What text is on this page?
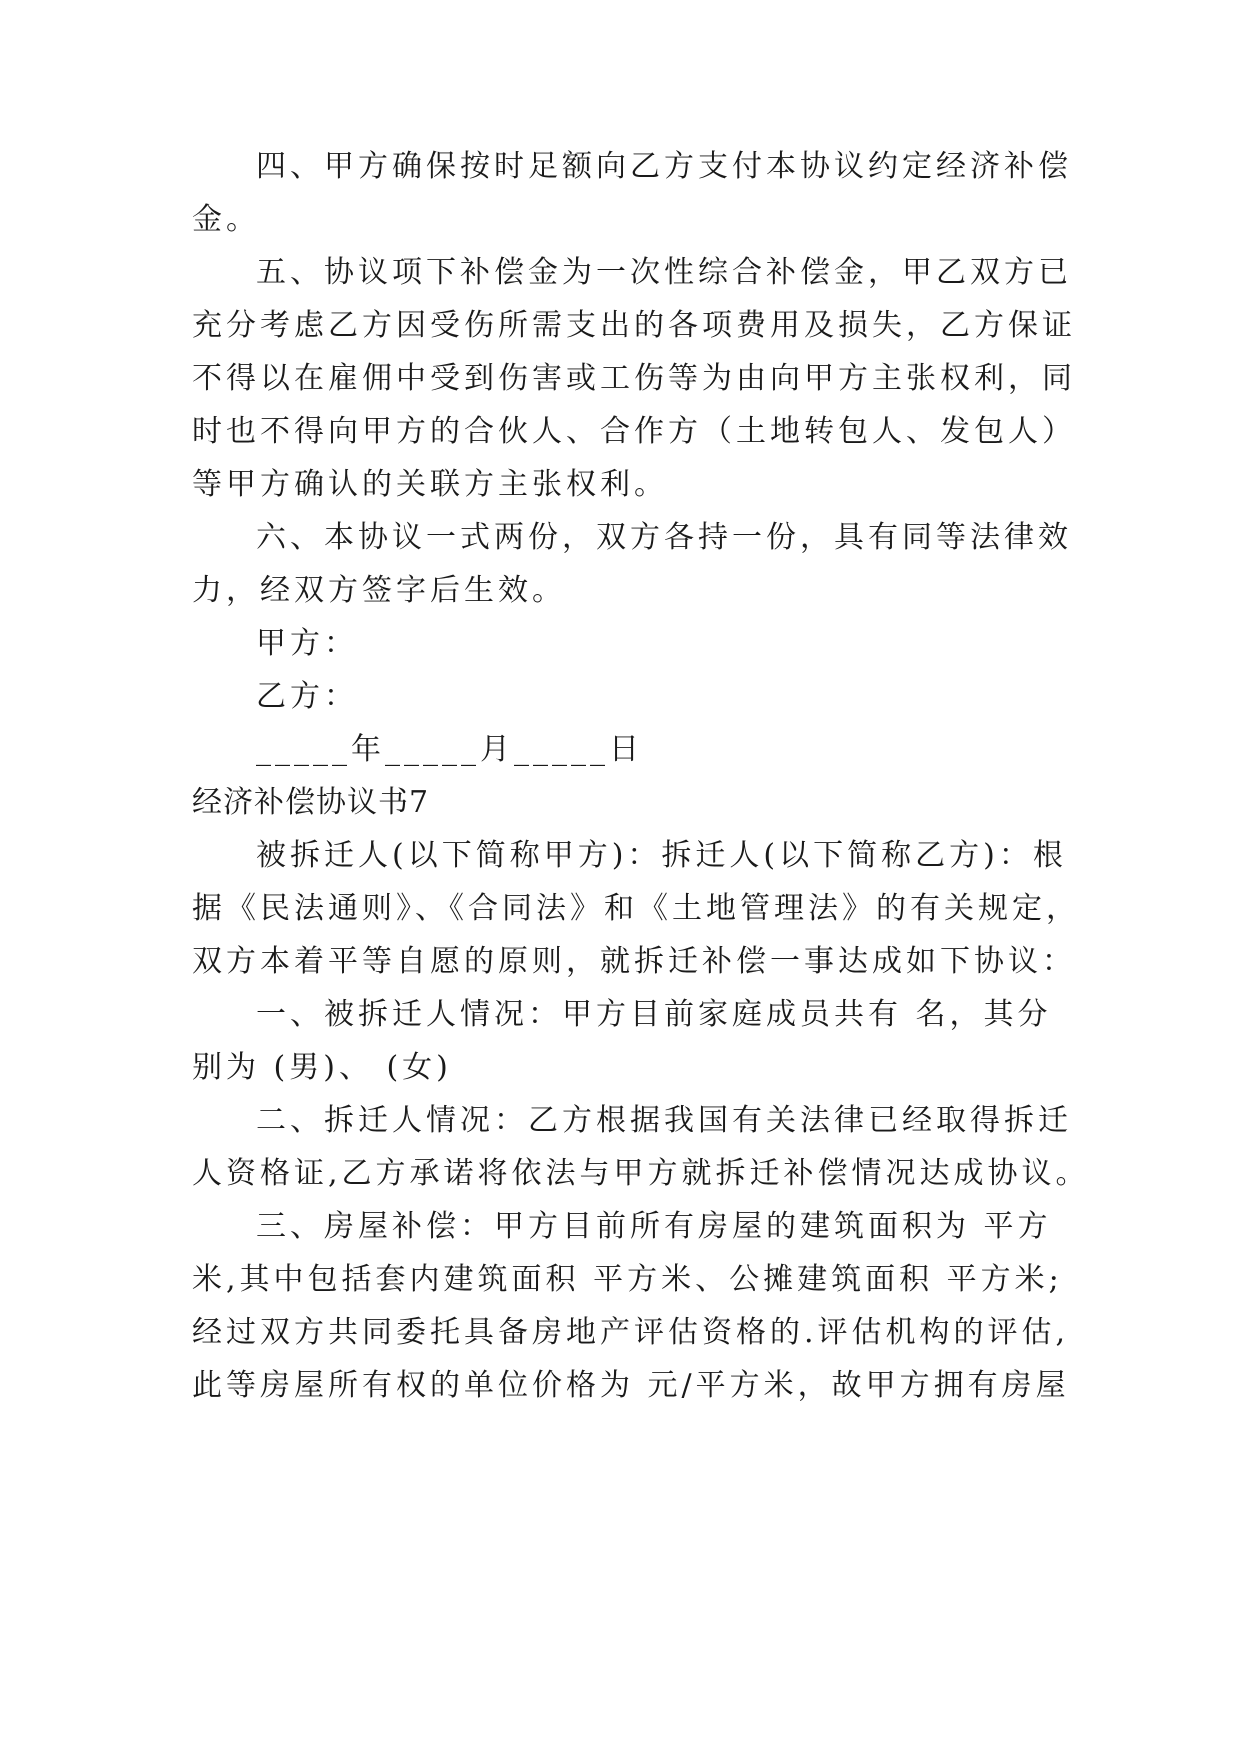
四、甲方确保按时足额向乙方支付本协议约定经济补偿
金。
五、协议项下补偿金为一次性综合补偿金，甲乙双方已
充分考虑乙方因受伤所需支出的各项费用及损失，乙方保证
不得以在雇佣中受到伤害或工伤等为由向甲方主张权利，同
时也不得向甲方的合伙人、合作方（土地转包人、发包人）
等甲方确认的关联方主张权利。
六、本协议一式两份，双方各持一份，具有同等法律效
力，经双方签字后生效。
甲方：
乙方：
_____年_____月_____日
经济补偿协议书7
被拆迁人(以下简称甲方)：拆迁人(以下简称乙方)：根
据《民法通则》、《合同法》和《土地管理法》的有关规定，
双方本着平等自愿的原则，就拆迁补偿一事达成如下协议：
一、被拆迁人情况：甲方目前家庭成员共有 名，其分
别为 (男)、 (女)
二、拆迁人情况：乙方根据我国有关法律已经取得拆迁
人资格证,乙方承诺将依法与甲方就拆迁补偿情况达成协议。
三、房屋补偿：甲方目前所有房屋的建筑面积为 平方
米,其中包括套内建筑面积 平方米、公摊建筑面积 平方米;
经过双方共同委托具备房地产评估资格的.评估机构的评估,
此等房屋所有权的单位价格为 元/平方米，故甲方拥有房屋
